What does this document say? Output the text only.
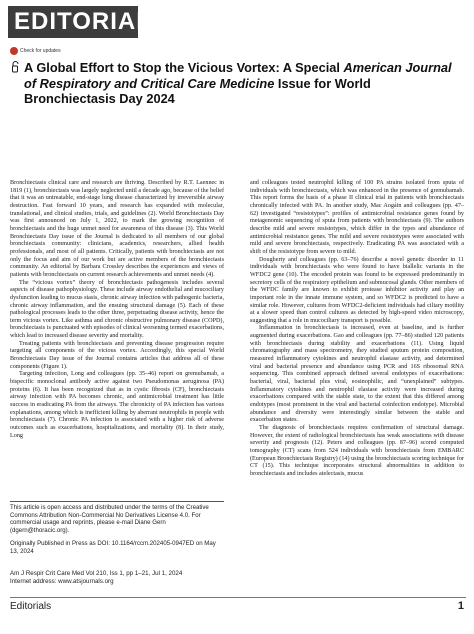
EDITORIALS
Check for updates
A Global Effort to Stop the Vicious Vortex: A Special American Journal of Respiratory and Critical Care Medicine Issue for World Bronchiectasis Day 2024

Bronchiectasis clinical care and research are thriving. Described by R.T. Laennec in 1819 (1), bronchiectasis was largely neglected until a decade ago, because of the belief that it was an untreatable, end-stage lung disease characterized by irreversible airway destruction. Fast forward 10 years, and research has expanded with molecular, translational, and clinical studies, trials, and guidelines (2). World Bronchiectasis Day was first announced on July 1, 2022, to mark the growing recognition of bronchiectasis and the huge unmet need for awareness of this disease (3). This World Bronchiectasis Day issue of the Journal is dedicated to all members of our global bronchiectasis community: clinicians, academics, researchers, allied health professionals, and most of all patients. Critically, patients with bronchiectasis are not only the focus and aim of our work but are active members of the bronchiectasis community. An editorial by Barbara Crossley describes the experiences and views of patients with bronchiectasis on current research achievements and unmet needs (4).

The “vicious vortex” theory of bronchiectasis pathogenesis includes several aspects of disease pathophysiology. These include airway endothelial and mucociliary dysfunction leading to mucus stasis, chronic airway infection with pathogenic bacteria, chronic airway inflammation, and the ensuing structural damage (5). Each of these pathological processes leads to the other three, perpetuating disease activity, hence the term vicious vortex. Like asthma and chronic obstructive pulmonary disease (COPD), bronchiectasis is punctuated with episodes of clinical worsening termed exacerbations, which lead to increased disease severity and mortality.

Treating patients with bronchiectasis and preventing disease progression require targeting all components of the vicious vortex. Accordingly, this special World Bronchiectasis Day issue of the Journal contains articles that address all of these components (Figure 1).

Targeting infection, Long and colleagues (pp. 35–46) report on gremubamab, a bispecific monoclonal antibody active against two Pseudomonas aeruginosa (PA) proteins (6). It has been recognized that as in cystic fibrosis (CF), bronchiectasis airway infection with PA becomes chronic, and antimicrobial treatment has little success in eradicating PA from the airways. The chronicity of PA infection has various explanations, among which is inefficient killing by aberrant neutrophils in people with bronchiectasis (7). Chronic PA infection is associated with a higher risk of adverse outcomes such as exacerbations, hospitalizations, and mortality (8). In their study, Long

and colleagues tested neutrophil killing of 100 PA strains isolated from sputa of individuals with bronchiectasis, which was enhanced in the presence of gremubamab. This report forms the basis of a phase II clinical trial in patients with bronchiectasis chronically infected with PA. In another study, Mac Aogáin and colleagues (pp. 47–62) investigated “resistotypes”: profiles of antimicrobial resistance genes found by metagenomic sequencing of sputa from patients with bronchiectasis (9). The authors describe mild and severe resistotypes, which differ in the types and abundance of antimicrobial resistance genes. The mild and severe resistotypes were associated with mild and severe bronchiectasis, respectively. Eradicating PA was associated with a shift of the resistotype from severe to mild.

Dougherty and colleagues (pp. 63–76) describe a novel genetic disorder in 11 individuals with bronchiectasis who were found to have biallelic variants in the WFDC2 gene (10). The encoded protein was found to be expressed predominantly in secretory cells of the respiratory epithelium and submucosal glands. Other members of the WFDC family are known to exhibit protease inhibitor activity and play an important role in the innate immune system, and so WFDC2 is predicted to have a similar role. However, cultures from WFDC2-deficient individuals had ciliary motility at a slower speed than control cultures as detected by high-speed video microscopy, suggesting that a role in mucociliary transport is possible.

Inflammation in bronchiectasis is increased, even at baseline, and is further augmented during exacerbations. Gao and colleagues (pp. 77–86) studied 120 patients with bronchiectasis during stability and exacerbations (11). Using liquid chromatography and mass spectrometry, they studied sputum protein composition, measured inflammatory cytokines and neutrophil elastase activity, and determined viral and bacterial presence and abundance using PCR and 16S ribosomal RNA sequencing. This combined approach defined several endotypes of exacerbations: bacterial, viral, bacterial plus viral, eosinophilic, and “unexplained” subtypes. Inflammatory cytokines and neutrophil elastase activity were increased during exacerbations compared with the stable state, to the extent that this differed among endotypes (most prominent in the viral and bacterial coinfection endotype). Microbial abundance and diversity were interestingly similar between the stable and exacerbation states.

The diagnosis of bronchiectasis requires confirmation of structural damage. However, the extent of radiological bronchiectasis has weak associations with disease severity and prognosis (12). Peters and colleagues (pp. 87–96) scored computed tomography (CT) scans from 524 individuals with bronchiectasis from EMBARC (European Bronchiectasis Registry) (14) using the bronchiectasis scoring technique for CT (15). This technique incorporates structural abnormalities in addition to bronchiectasis and includes atelectasis, mucus

This article is open access and distributed under the terms of the Creative Commons Attribution Non-Commercial No Derivatives License 4.0. For commercial usage and reprints, please e-mail Diane Gern (dgern@thoracic.org).

Originally Published in Press as DOI: 10.1164/rccm.202405-0947ED on May 13, 2024

Am J Respir Crit Care Med Vol 210, Iss 1, pp 1–21, Jul 1, 2024
Internet address: www.atsjournals.org
Editorials	1
